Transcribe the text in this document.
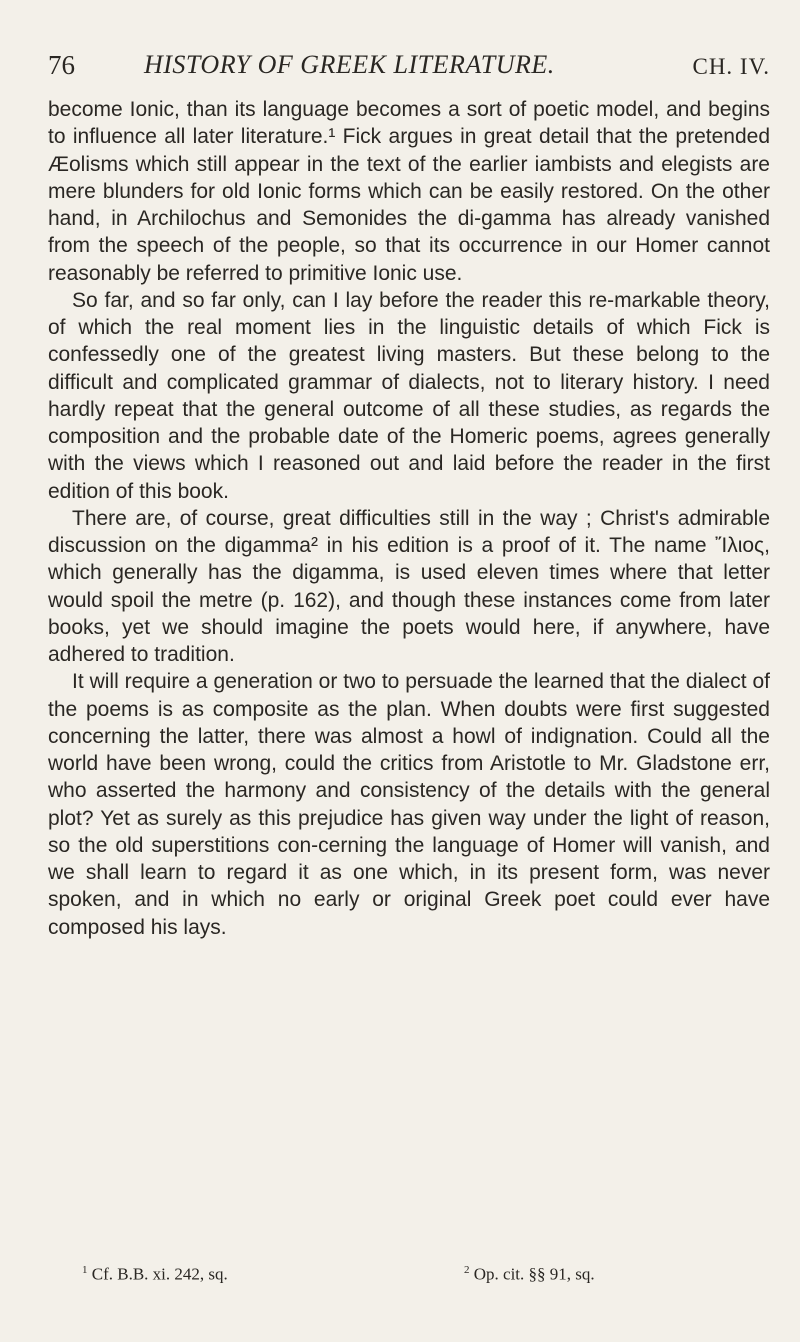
76	HISTORY OF GREEK LITERATURE.	CH. IV.

become Ionic, than its language becomes a sort of poetic model, and begins to influence all later literature.¹ Fick argues in great detail that the pretended Æolisms which still appear in the text of the earlier iambists and elegists are mere blunders for old Ionic forms which can be easily restored. On the other hand, in Archilochus and Semonides the di-gamma has already vanished from the speech of the people, so that its occurrence in our Homer cannot reasonably be referred to primitive Ionic use.

So far, and so far only, can I lay before the reader this re-markable theory, of which the real moment lies in the linguistic details of which Fick is confessedly one of the greatest living masters. But these belong to the difficult and complicated grammar of dialects, not to literary history. I need hardly repeat that the general outcome of all these studies, as regards the composition and the probable date of the Homeric poems, agrees generally with the views which I reasoned out and laid before the reader in the first edition of this book.

There are, of course, great difficulties still in the way ; Christ's admirable discussion on the digamma² in his edition is a proof of it. The name Ἴλιος, which generally has the digamma, is used eleven times where that letter would spoil the metre (p. 162), and though these instances come from later books, yet we should imagine the poets would here, if anywhere, have adhered to tradition.

It will require a generation or two to persuade the learned that the dialect of the poems is as composite as the plan. When doubts were first suggested concerning the latter, there was almost a howl of indignation. Could all the world have been wrong, could the critics from Aristotle to Mr. Gladstone err, who asserted the harmony and consistency of the details with the general plot? Yet as surely as this prejudice has given way under the light of reason, so the old superstitions con-cerning the language of Homer will vanish, and we shall learn to regard it as one which, in its present form, was never spoken, and in which no early or original Greek poet could ever have composed his lays.

$^1$ Cf. B.B. xi. 242, sq.	$^2$ Op. cit. §§ 91, sq.
